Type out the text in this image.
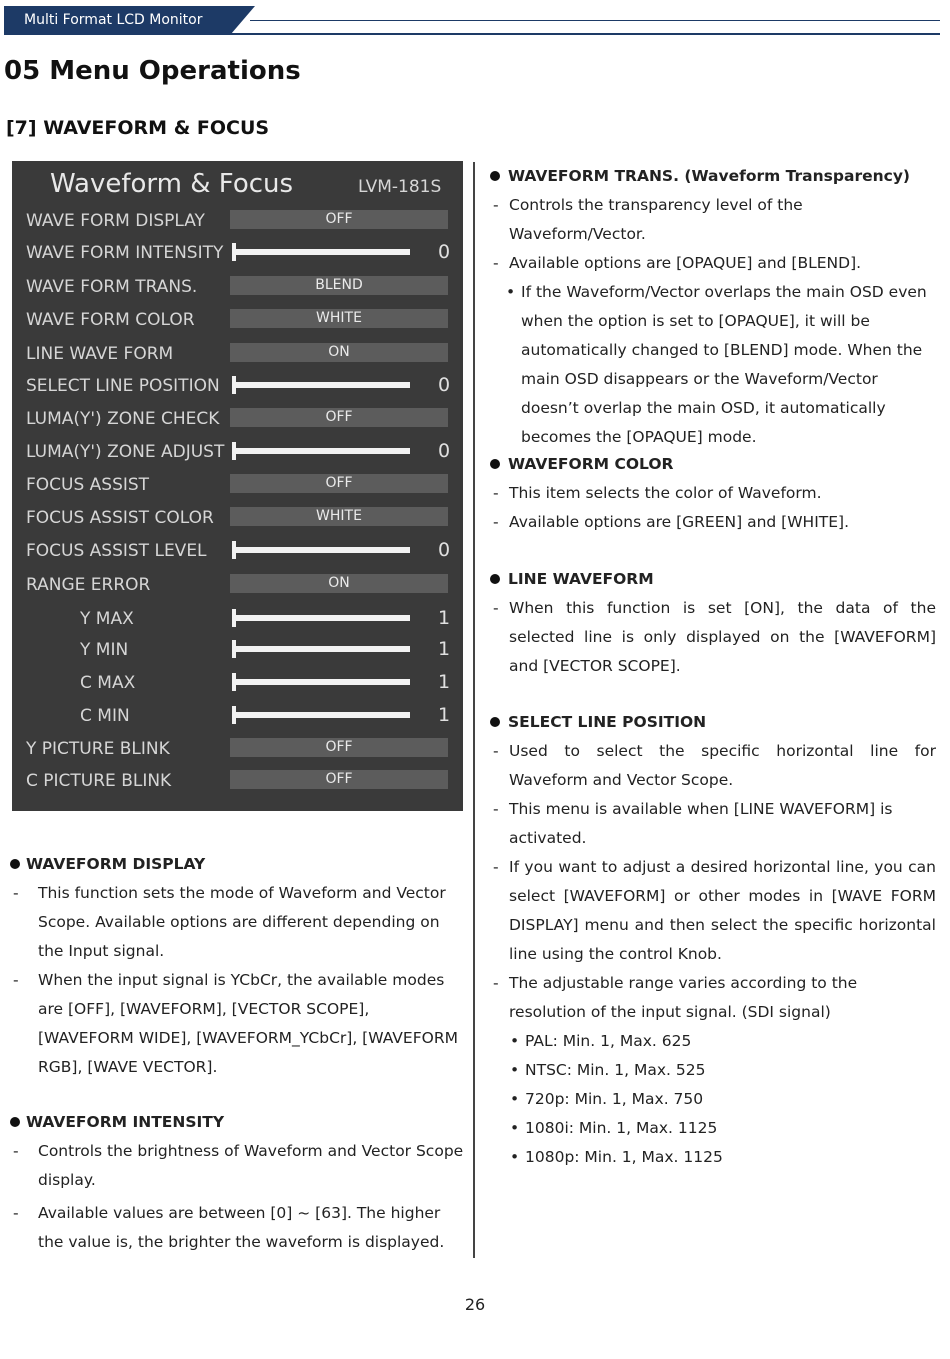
Multi Format LCD Monitor
05 Menu Operations
[7] WAVEFORM & FOCUS
Waveform & Focus	LVM-181S
WAVE FORM DISPLAY	OFF
WAVE FORM INTENSITY	0
WAVE FORM TRANS.	BLEND
WAVE FORM COLOR	WHITE
LINE WAVE FORM	ON
SELECT LINE POSITION	0
LUMA(Y') ZONE CHECK	OFF
LUMA(Y') ZONE ADJUST	0
FOCUS ASSIST	OFF
FOCUS ASSIST COLOR	WHITE
FOCUS ASSIST LEVEL	0
RANGE ERROR	ON
Y MAX	1
Y MIN	1
C MAX	1
C MIN	1
Y PICTURE BLINK	OFF
C PICTURE BLINK	OFF
WAVEFORM DISPLAY
- This function sets the mode of Waveform and Vector Scope. Available options are different depending on the Input signal.
- When the input signal is YCbCr, the available modes are [OFF], [WAVEFORM], [VECTOR SCOPE], [WAVEFORM WIDE], [WAVEFORM_YCbCr], [WAVEFORM RGB], [WAVE VECTOR].
WAVEFORM INTENSITY
- Controls the brightness of Waveform and Vector Scope display.
- Available values are between [0] ~ [63]. The higher the value is, the brighter the waveform is displayed.
WAVEFORM TRANS. (Waveform Transparency)
- Controls the transparency level of the Waveform/Vector.
- Available options are [OPAQUE] and [BLEND].
• If the Waveform/Vector overlaps the main OSD even when the option is set to [OPAQUE], it will be automatically changed to [BLEND] mode. When the main OSD disappears or the Waveform/Vector doesn’t overlap the main OSD, it automatically becomes the [OPAQUE] mode.
WAVEFORM COLOR
- This item selects the color of Waveform.
- Available options are [GREEN] and [WHITE].
LINE WAVEFORM
- When this function is set [ON], the data of the selected line is only displayed on the [WAVEFORM] and [VECTOR SCOPE].
SELECT LINE POSITION
- Used to select the specific horizontal line for Waveform and Vector Scope.
- This menu is available when [LINE WAVEFORM] is activated.
- If you want to adjust a desired horizontal line, you can select [WAVEFORM] or other modes in [WAVE FORM DISPLAY] menu and then select the specific horizontal line using the control Knob.
- The adjustable range varies according to the resolution of the input signal. (SDI signal)
• PAL: Min. 1, Max. 625
• NTSC: Min. 1, Max. 525
• 720p: Min. 1, Max. 750
• 1080i: Min. 1, Max. 1125
• 1080p: Min. 1, Max. 1125
26
